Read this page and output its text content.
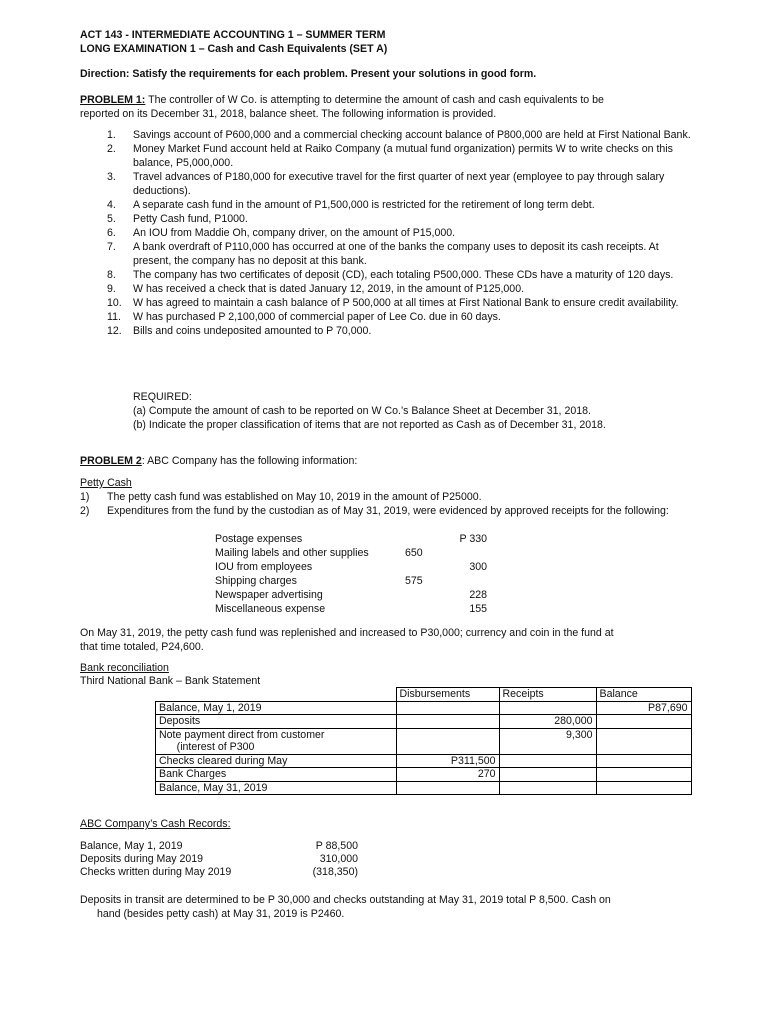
ACT 143 - INTERMEDIATE ACCOUNTING 1 – SUMMER TERM
LONG EXAMINATION 1 – Cash and Cash Equivalents (SET A)
Direction: Satisfy the requirements for each problem. Present your solutions in good form.
PROBLEM 1: The controller of W Co. is attempting to determine the amount of cash and cash equivalents to be
reported on its December 31, 2018, balance sheet. The following information is provided.
1. Savings account of P600,000 and a commercial checking account balance of P800,000 are held at First National Bank.
2. Money Market Fund account held at Raiko Company (a mutual fund organization) permits W to write checks on this balance, P5,000,000.
3. Travel advances of P180,000 for executive travel for the first quarter of next year (employee to pay through salary deductions).
4. A separate cash fund in the amount of P1,500,000 is restricted for the retirement of long term debt.
5. Petty Cash fund, P1000.
6. An IOU from Maddie Oh, company driver, on the amount of P15,000.
7. A bank overdraft of P110,000 has occurred at one of the banks the company uses to deposit its cash receipts. At present, the company has no deposit at this bank.
8. The company has two certificates of deposit (CD), each totaling P500,000. These CDs have a maturity of 120 days.
9. W has received a check that is dated January 12, 2019, in the amount of P125,000.
10. W has agreed to maintain a cash balance of P 500,000 at all times at First National Bank to ensure credit availability.
11. W has purchased P 2,100,000 of commercial paper of Lee Co. due in 60 days.
12. Bills and coins undeposited amounted to P 70,000.
REQUIRED:
(a) Compute the amount of cash to be reported on W Co.’s Balance Sheet at December 31, 2018.
(b) Indicate the proper classification of items that are not reported as Cash as of December 31, 2018.
PROBLEM 2: ABC Company has the following information:
Petty Cash
1) The petty cash fund was established on May 10, 2019 in the amount of P25000.
2) Expenditures from the fund by the custodian as of May 31, 2019, were evidenced by approved receipts for the following:
Postage expenses		P 330
Mailing labels and other supplies	650	
IOU from employees		300
Shipping charges	575	
Newspaper advertising		228
Miscellaneous expense		155
On May 31, 2019, the petty cash fund was replenished and increased to P30,000; currency and coin in the fund at
that time totaled, P24,600.
Bank reconciliation
Third National Bank – Bank Statement
	Disbursements	Receipts	Balance
Balance, May 1, 2019			P87,690
Deposits		280,000	
Note payment direct from customer		9,300	
(interest of P300			
Checks cleared during May	P311,500		
Bank Charges	270		
Balance, May 31, 2019			
ABC Company’s Cash Records:
Balance, May 1, 2019	P 88,500
Deposits during May 2019	310,000
Checks written during May 2019	(318,350)
Deposits in transit are determined to be P 30,000 and checks outstanding at May 31, 2019 total P 8,500. Cash on
hand (besides petty cash) at May 31, 2019 is P2460.
